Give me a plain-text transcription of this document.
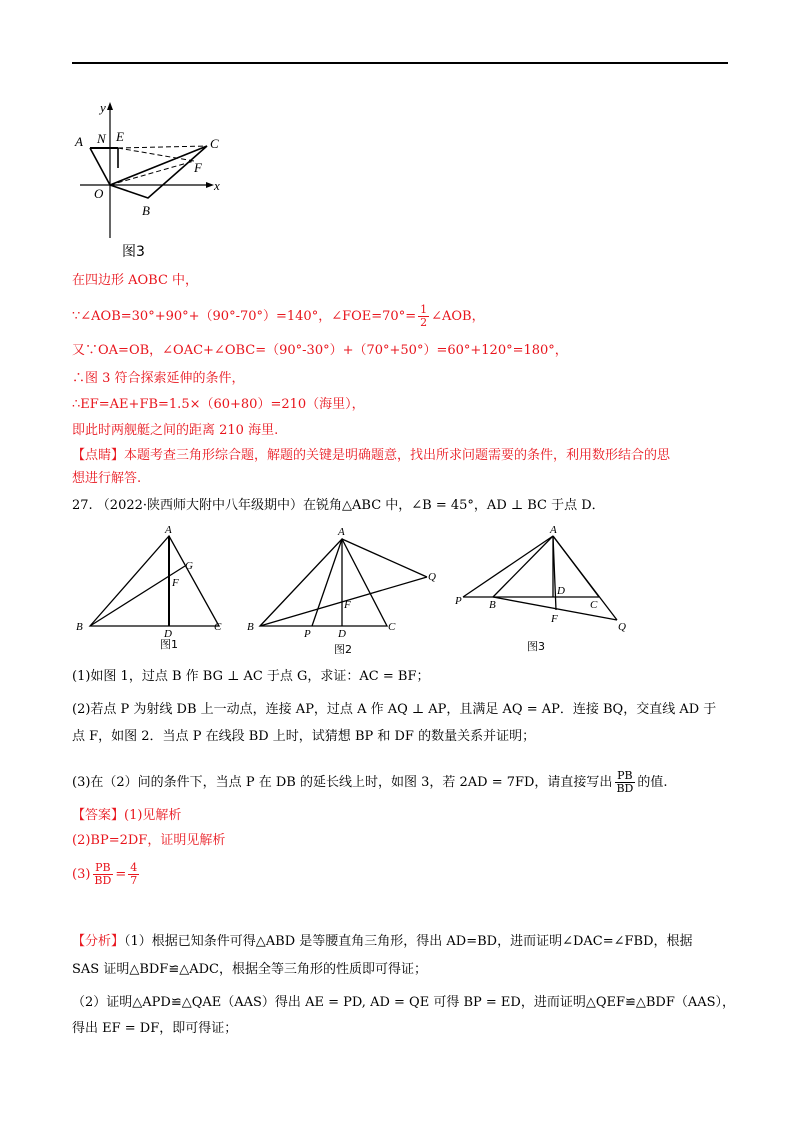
y
x
A N E	C
F
O
B
图3
在四边形 AOBC 中，
∵∠AOB=30°+90°+（90°-70°）=140°，∠FOE=70°= $\frac{1}{2}$ ∠AOB，
又∵OA=OB，∠OAC+∠OBC=（90°-30°）+（70°+50°）=60°+120°=180°，
∴图 3 符合探索延伸的条件，
∴EF=AE+FB=1.5×（60+80）=210（海里），
即此时两舰艇之间的距离 210 海里.
【点睛】本题考查三角形综合题，解题的关键是明确题意，找出所求问题需要的条件，利用数形结合的思
想进行解答.
27. （2022·陕西师大附中八年级期中）在锐角△ABC 中，∠B = 45°，AD ⊥ BC 于点 D．
A
B	C
D
F
G
图1
A
B	C
D
F
P
Q
图2
A
B	C
D
F
P
Q
图3
(1)如图 1，过点 B 作 BG ⊥ AC 于点 G，求证：AC = BF；
(2)若点 P 为射线 DB 上一动点，连接 AP，过点 A 作 AQ ⊥ AP，且满足 AQ = AP．连接 BQ，交直线 AD 于
点 F，如图 2．当点 P 在线段 BD 上时，试猜想 BP 和 DF 的数量关系并证明；
(3)在（2）问的条件下，当点 P 在 DB 的延长线上时，如图 3，若 2AD = 7FD，请直接写出 $\frac{PB}{BD}$ 的值.
【答案】(1)见解析
(2)BP=2DF，证明见解析
$(3) \frac{PB}{BD} = \frac{4}{7}$
【分析】（1）根据已知条件可得△ABD 是等腰直角三角形，得出 AD=BD，进而证明∠DAC=∠FBD，根据
SAS 证明△BDF≌△ADC，根据全等三角形的性质即可得证；
（2）证明△APD≌△QAE（AAS）得出 AE = PD, AD = QE 可得 BP = ED，进而证明△QEF≌△BDF（AAS），
得出 EF = DF，即可得证；
